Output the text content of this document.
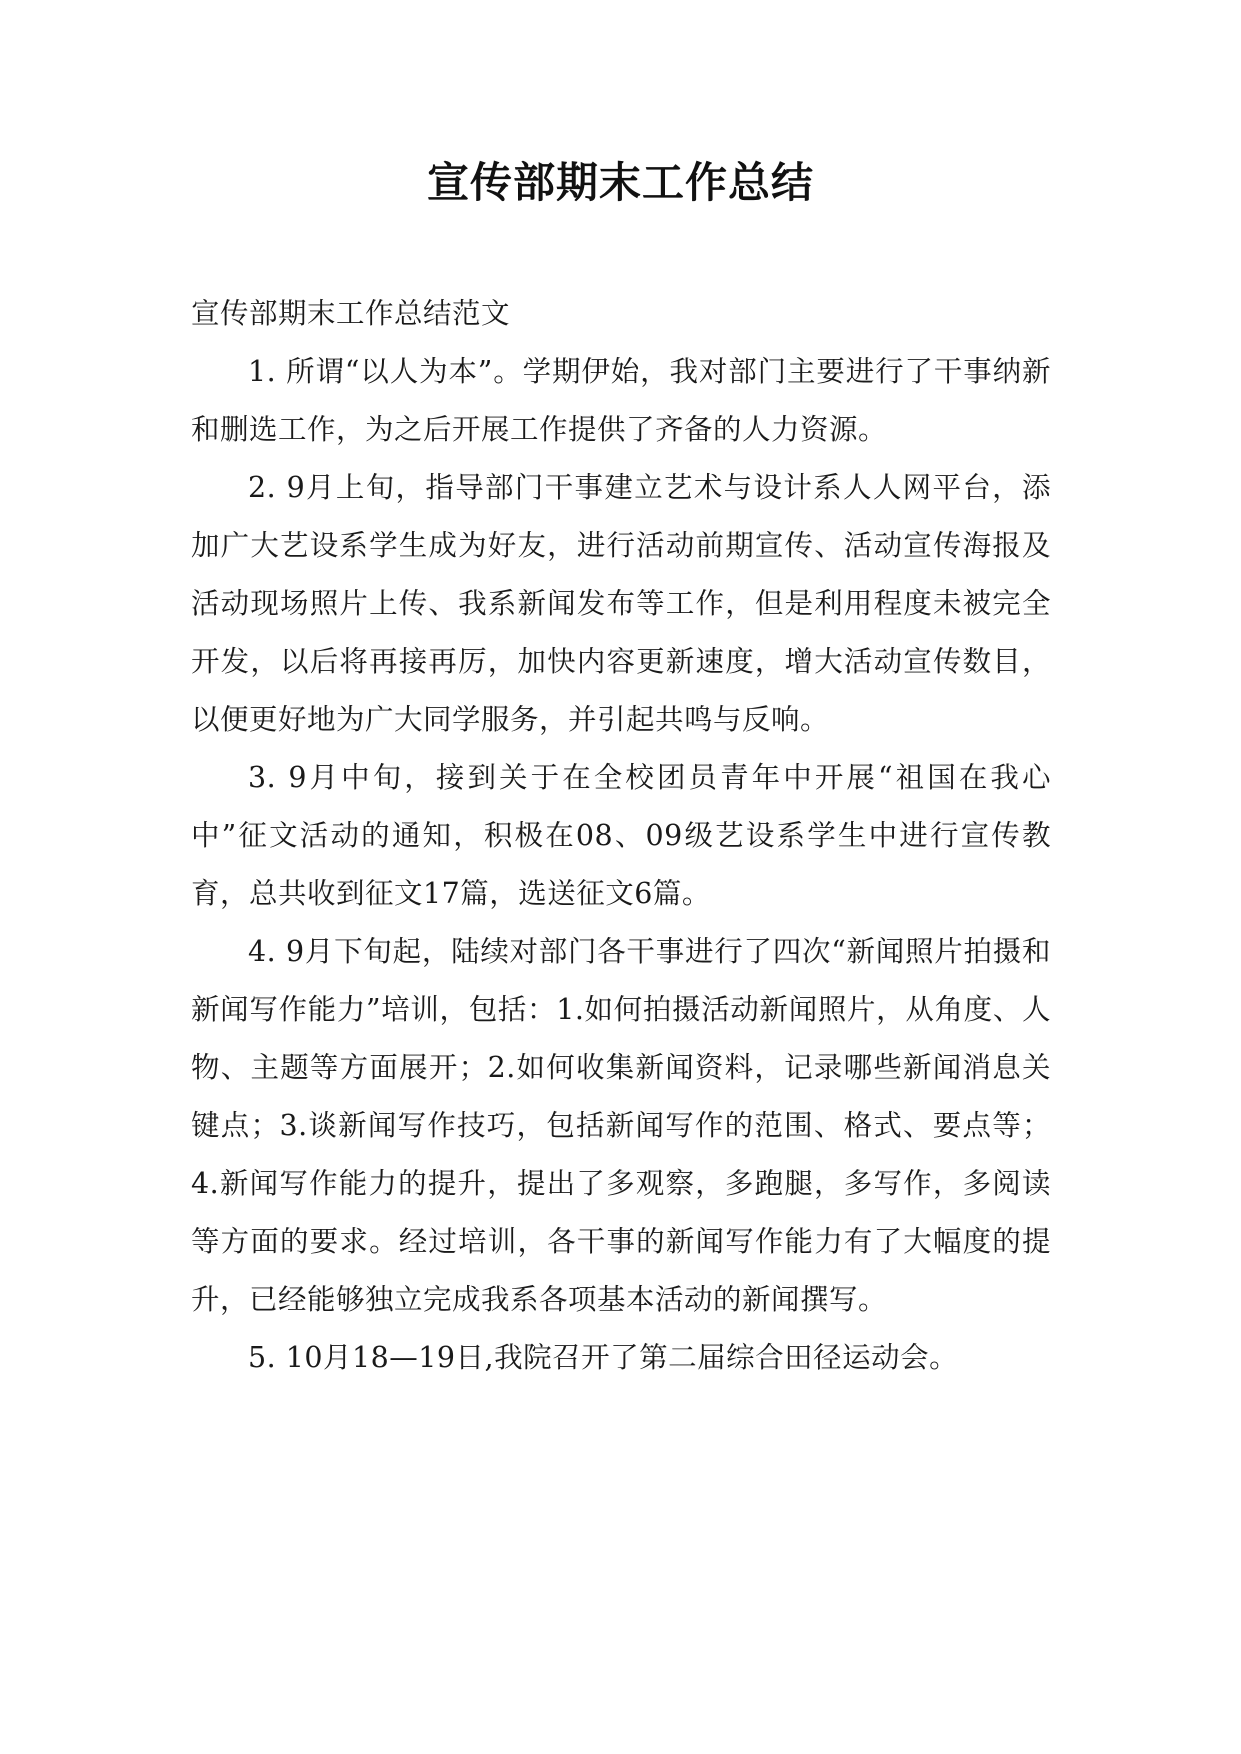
宣传部期末工作总结

宣传部期末工作总结范文

1. 所谓“以人为本”。学期伊始，我对部门主要进行了干事纳新和删选工作，为之后开展工作提供了齐备的人力资源。

2. 9月上旬，指导部门干事建立艺术与设计系人人网平台，添加广大艺设系学生成为好友，进行活动前期宣传、活动宣传海报及活动现场照片上传、我系新闻发布等工作，但是利用程度未被完全开发，以后将再接再厉，加快内容更新速度，增大活动宣传数目，以便更好地为广大同学服务，并引起共鸣与反响。

3. 9月中旬，接到关于在全校团员青年中开展“祖国在我心中”征文活动的通知，积极在08、09级艺设系学生中进行宣传教育，总共收到征文17篇，选送征文6篇。

4. 9月下旬起，陆续对部门各干事进行了四次“新闻照片拍摄和新闻写作能力”培训，包括：1.如何拍摄活动新闻照片，从角度、人物、主题等方面展开；2.如何收集新闻资料，记录哪些新闻消息关键点；3.谈新闻写作技巧，包括新闻写作的范围、格式、要点等；4.新闻写作能力的提升，提出了多观察，多跑腿，多写作，多阅读等方面的要求。经过培训，各干事的新闻写作能力有了大幅度的提升，已经能够独立完成我系各项基本活动的新闻撰写。

5. 10月18—19日,我院召开了第二届综合田径运动会。
